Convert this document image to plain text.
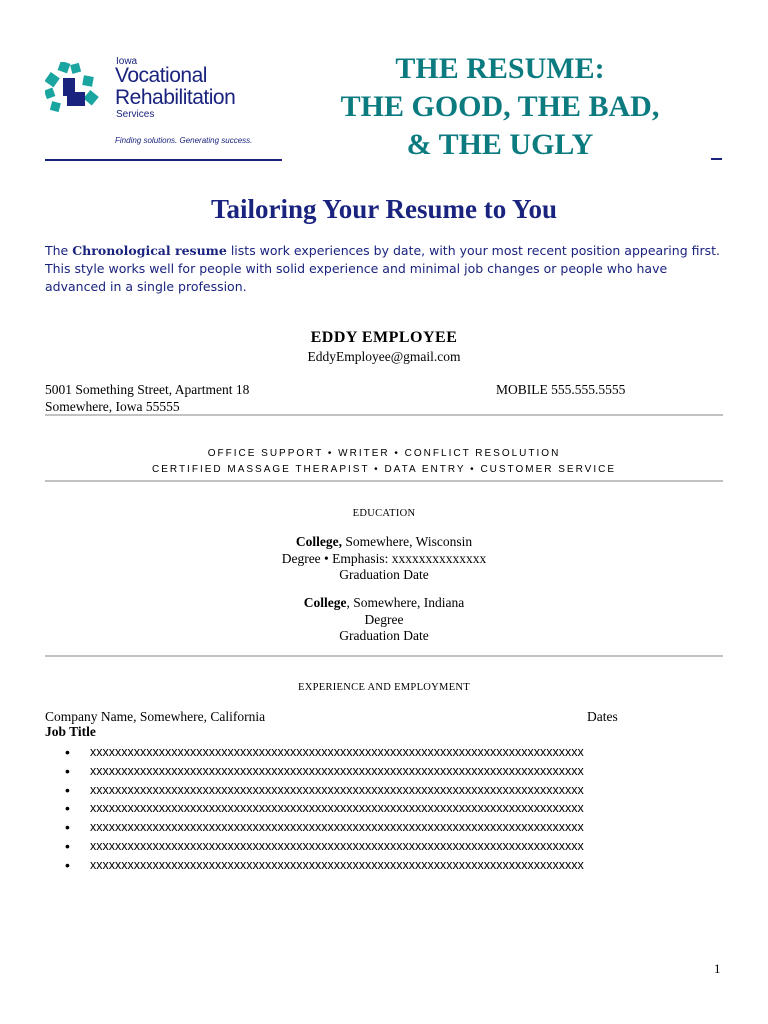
Iowa
Vocational
Rehabilitation
Services
Finding solutions. Generating success.
THE RESUME:
THE GOOD, THE BAD,
& THE UGLY
Tailoring Your Resume to You
The Chronological resume lists work experiences by date, with your most recent position appearing first. This style works well for people with solid experience and minimal job changes or people who have advanced in a single profession.
EDDY EMPLOYEE
EddyEmployee@gmail.com
5001 Something Street, Apartment 18
Somewhere, Iowa 55555
MOBILE 555.555.5555
OFFICE SUPPORT • WRITER • CONFLICT RESOLUTION
CERTIFIED MASSAGE THERAPIST • DATA ENTRY • CUSTOMER SERVICE
EDUCATION
College, Somewhere, Wisconsin
Degree • Emphasis: xxxxxxxxxxxxxx
Graduation Date
College, Somewhere, Indiana
Degree
Graduation Date
EXPERIENCE AND EMPLOYMENT
Company Name, Somewhere, California	Dates
Job Title
• xxxxxxxxxxxxxxxxxxxxxxxxxxxxxxxxxxxxxxxxxxxxxxxxxxxxxxxxxxxxxxxxxxxxxxxxxxxxxxx
• xxxxxxxxxxxxxxxxxxxxxxxxxxxxxxxxxxxxxxxxxxxxxxxxxxxxxxxxxxxxxxxxxxxxxxxxxxxxxxx
• xxxxxxxxxxxxxxxxxxxxxxxxxxxxxxxxxxxxxxxxxxxxxxxxxxxxxxxxxxxxxxxxxxxxxxxxxxxxxxx
• xxxxxxxxxxxxxxxxxxxxxxxxxxxxxxxxxxxxxxxxxxxxxxxxxxxxxxxxxxxxxxxxxxxxxxxxxxxxxxx
• xxxxxxxxxxxxxxxxxxxxxxxxxxxxxxxxxxxxxxxxxxxxxxxxxxxxxxxxxxxxxxxxxxxxxxxxxxxxxxx
• xxxxxxxxxxxxxxxxxxxxxxxxxxxxxxxxxxxxxxxxxxxxxxxxxxxxxxxxxxxxxxxxxxxxxxxxxxxxxxx
• xxxxxxxxxxxxxxxxxxxxxxxxxxxxxxxxxxxxxxxxxxxxxxxxxxxxxxxxxxxxxxxxxxxxxxxxxxxxxxx
1
